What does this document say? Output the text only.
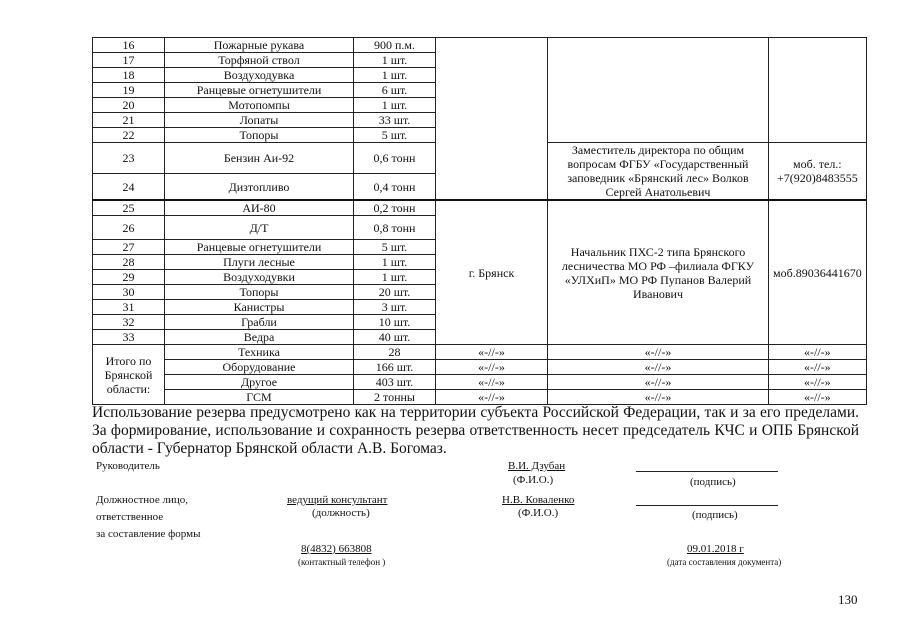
16	Пожарные рукава	900 п.м.			
17	Торфяной ствол	1 шт.			
18	Воздуходувка	1 шт.			
19	Ранцевые огнетушители	6 шт.			
20	Мотопомпы	1 шт.			
21	Лопаты	33 шт.			
22	Топоры	5 шт.			
23	Бензин Аи-92	0,6 тонн		Заместитель директора по общим вопросам ФГБУ «Государственный заповедник «Брянский лес» Волков Сергей Анатольевич	моб. тел.: +7(920)8483555
24	Дизтопливо	0,4 тонн			
25	АИ-80	0,2 тонн	г. Брянск	Начальник ПХС-2 типа Брянского лесничества МО РФ –филиала ФГКУ «УЛХиП» МО РФ Пупанов Валерий Иванович	моб.89036441670
26	Д/Т	0,8 тонн			
27	Ранцевые огнетушители	5 шт.			
28	Плуги лесные	1 шт.			
29	Воздуходувки	1 шт.			
30	Топоры	20 шт.			
31	Канистры	3 шт.			
32	Грабли	10 шт.			
33	Ведра	40 шт.			
Итого по Брянской области:	Техника	28	«-//-»	«-//-»	«-//-»
	Оборудование	166 шт.	«-//-»	«-//-»	«-//-»
	Другое	403 шт.	«-//-»	«-//-»	«-//-»
	ГСМ	2 тонны	«-//-»	«-//-»	«-//-»
Использование резерва предусмотрено как на территории субъекта Российской Федерации, так и за его пределами. За формирование, использование и сохранность резерва ответственность несет председатель КЧС и ОПБ Брянской области - Губернатор Брянской области А.В. Богомаз.
Руководитель	В.И. Дзубан
(Ф.И.О.)	(подпись)
Должностное лицо,
ответственное
за составление формы
ведущий консультант
(должность)
Н.В. Коваленко
(Ф.И.О.)	(подпись)
8(4832) 663808
(контактный телефон )
09.01.2018 г
(дата составления документа)
130
